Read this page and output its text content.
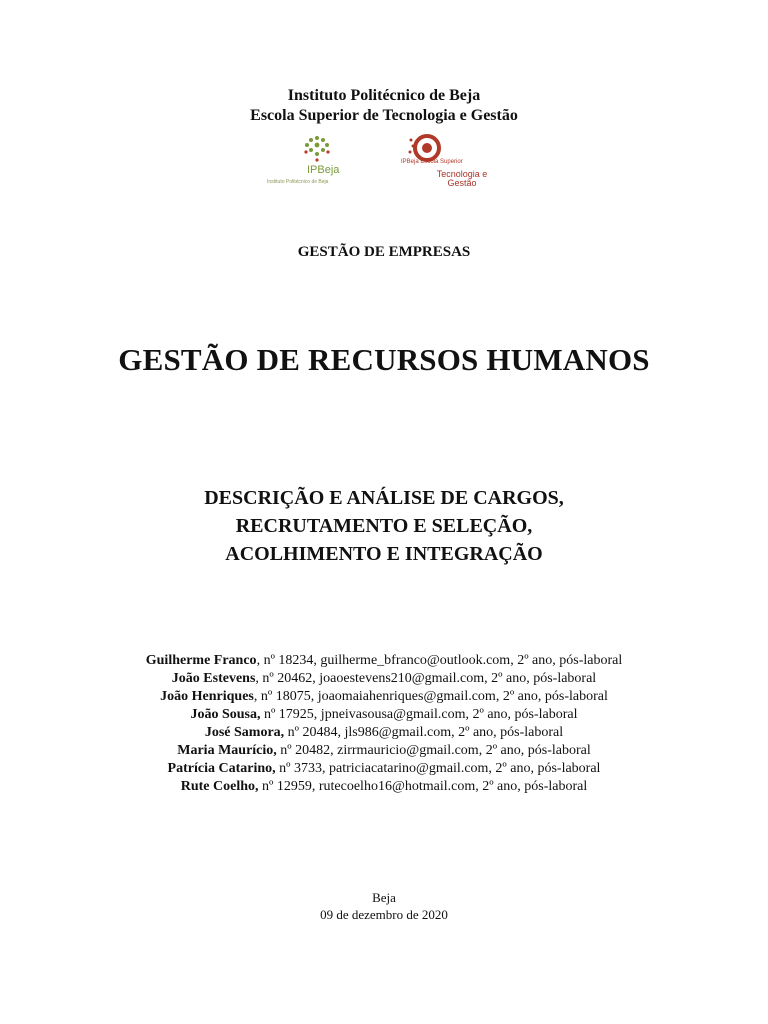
Instituto Politécnico de Beja
Escola Superior de Tecnologia e Gestão
IPBeja
Instituto Politécnico de Beja
IPBeja Escola Superior
Tecnologia e Gestão
GESTÃO DE EMPRESAS
GESTÃO DE RECURSOS HUMANOS
DESCRIÇÃO E ANÁLISE DE CARGOS,
RECRUTAMENTO E SELEÇÃO,
ACOLHIMENTO E INTEGRAÇÃO
Guilherme Franco, nº 18234, guilherme_bfranco@outlook.com, 2º ano, pós-laboral
João Estevens, nº 20462, joaoestevens210@gmail.com, 2º ano, pós-laboral
João Henriques, nº 18075, joaomaiahenriques@gmail.com, 2º ano, pós-laboral
João Sousa, nº 17925, jpneivasousa@gmail.com, 2º ano, pós-laboral
José Samora, nº 20484, jls986@gmail.com, 2º ano, pós-laboral
Maria Maurício, nº 20482, zirrmauricio@gmail.com, 2º ano, pós-laboral
Patrícia Catarino, nº 3733, patriciacatarino@gmail.com, 2º ano, pós-laboral
Rute Coelho, nº 12959, rutecoelho16@hotmail.com, 2º ano, pós-laboral
Beja
09 de dezembro de 2020
